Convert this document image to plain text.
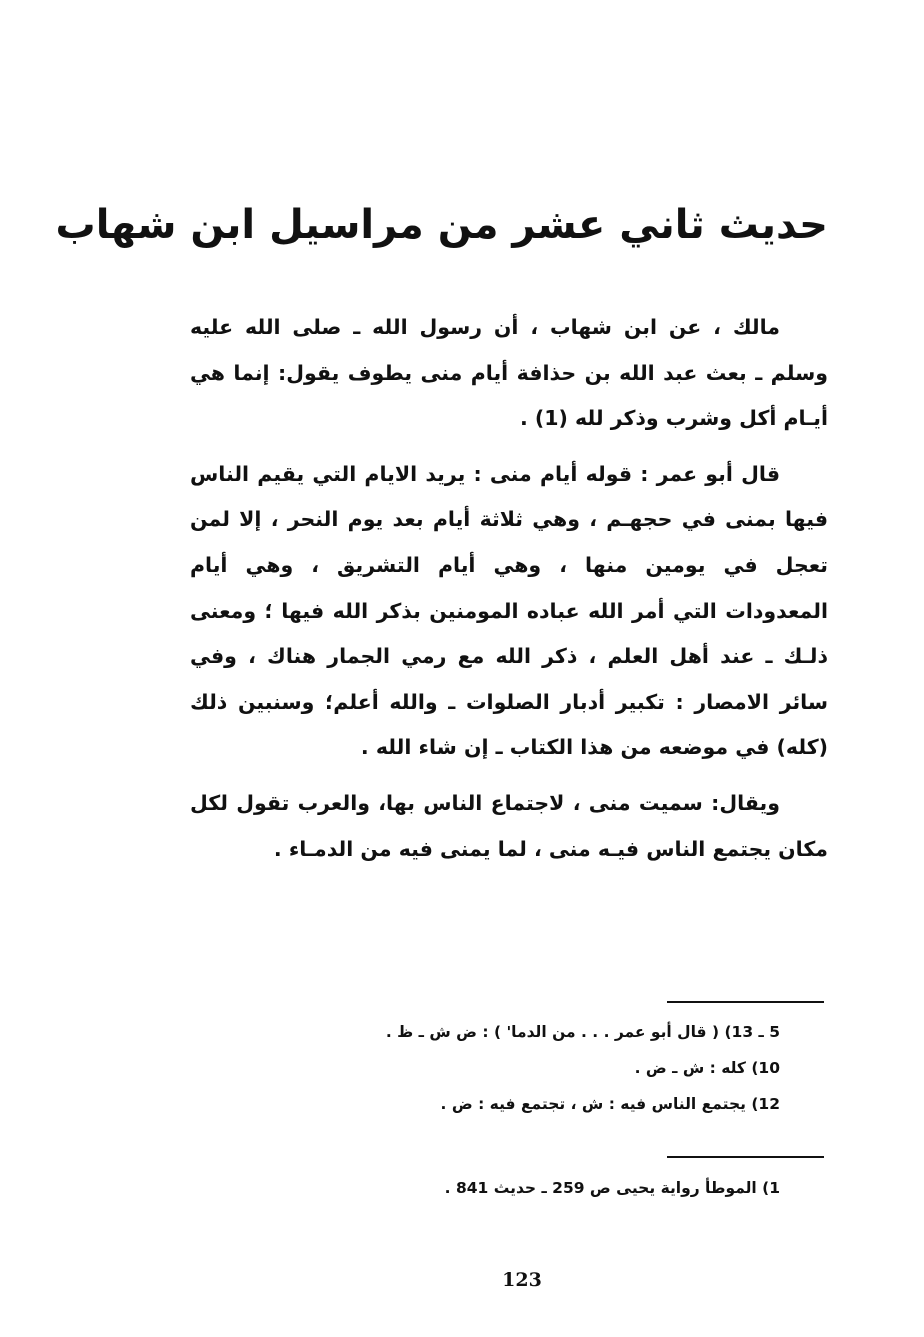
حديث ثاني عشر من مراسيل ابن شهاب

مالك ، عن ابن شهاب ، أن رسول الله ـ صلى الله عليه وسلم ـ بعث عبد الله بن حذافة أيام منى يطوف يقول: إنما هي أيـام أكل وشرب وذكر لله (1) .

قال أبو عمر : قوله أيام منى : يريد الايام التي يقيم الناس فيها بمنى في حجهـم ، وهي ثلاثة أيام بعد يوم النحر ، إلا لمن تعجل في يومين منها ، وهي أيام التشريق ، وهي أيام المعدودات التي أمر الله عباده المومنين بذكر الله فيها ؛ ومعنى ذلـك ـ عند أهل العلم ، ذكر الله مع رمي الجمار هناك ، وفي سائر الامصار : تكبير أدبار الصلوات ـ والله أعلم؛ وسنبين ذلك (كله) في موضعه من هذا الكتاب ـ إن شاء الله .

ويقال: سميت منى ، لاجتماع الناس بها، والعرب تقول لكل مكان يجتمع الناس فيـه منى ، لما يمنى فيه من الدمـاء .

5 ـ 13) ( قال أبو عمر . . . من الدما' ) : ض ش ـ ظ .
10) كله : ش ـ ض .
12) يجتمع الناس فيه : ش ، تجتمع فيه : ض .
1) الموطأ رواية يحيى ص 259 ـ حديث 841 .
123
